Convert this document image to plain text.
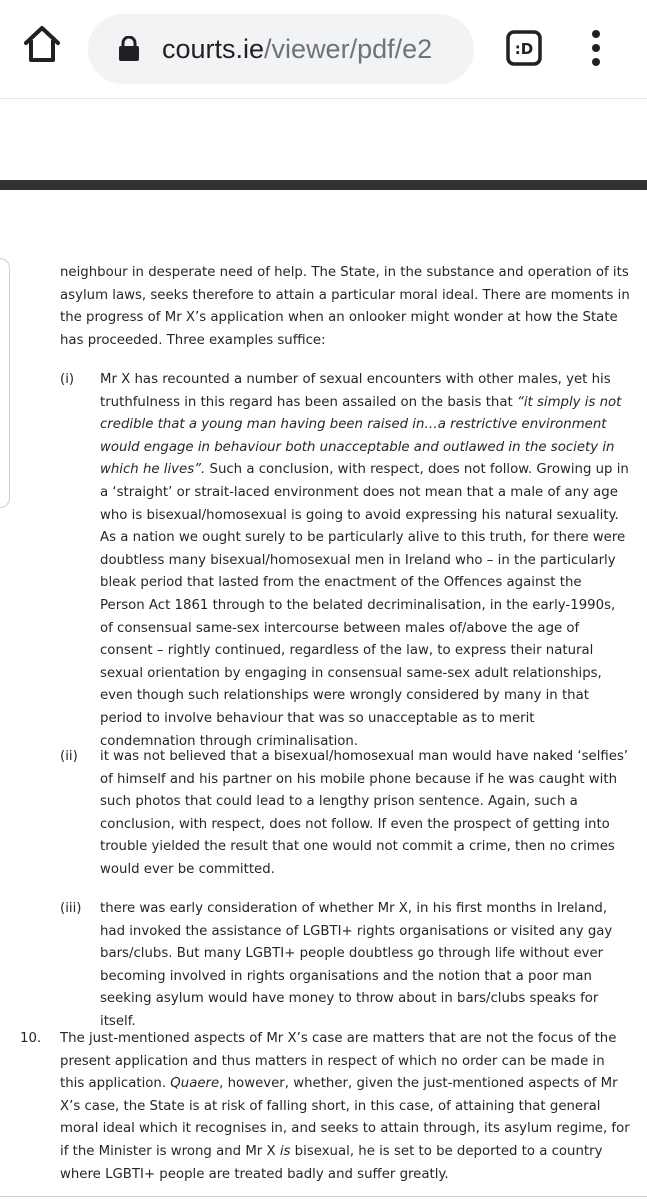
courts.ie/viewer/pdf/e2	:D

neighbour in desperate need of help. The State, in the substance and operation of its asylum laws, seeks therefore to attain a particular moral ideal. There are moments in the progress of Mr X’s application when an onlooker might wonder at how the State has proceeded. Three examples suffice:

(i) Mr X has recounted a number of sexual encounters with other males, yet his truthfulness in this regard has been assailed on the basis that “it simply is not credible that a young man having been raised in…a restrictive environment would engage in behaviour both unacceptable and outlawed in the society in which he lives”. Such a conclusion, with respect, does not follow. Growing up in a ‘straight’ or strait-laced environment does not mean that a male of any age who is bisexual/homosexual is going to avoid expressing his natural sexuality. As a nation we ought surely to be particularly alive to this truth, for there were doubtless many bisexual/homosexual men in Ireland who – in the particularly bleak period that lasted from the enactment of the Offences against the Person Act 1861 through to the belated decriminalisation, in the early-1990s, of consensual same-sex intercourse between males of/above the age of consent – rightly continued, regardless of the law, to express their natural sexual orientation by engaging in consensual same-sex adult relationships, even though such relationships were wrongly considered by many in that period to involve behaviour that was so unacceptable as to merit condemnation through criminalisation.

(ii) it was not believed that a bisexual/homosexual man would have naked ‘selfies’ of himself and his partner on his mobile phone because if he was caught with such photos that could lead to a lengthy prison sentence. Again, such a conclusion, with respect, does not follow. If even the prospect of getting into trouble yielded the result that one would not commit a crime, then no crimes would ever be committed.

(iii) there was early consideration of whether Mr X, in his first months in Ireland, had invoked the assistance of LGBTI+ rights organisations or visited any gay bars/clubs. But many LGBTI+ people doubtless go through life without ever becoming involved in rights organisations and the notion that a poor man seeking asylum would have money to throw about in bars/clubs speaks for itself.

10. The just-mentioned aspects of Mr X’s case are matters that are not the focus of the present application and thus matters in respect of which no order can be made in this application. Quaere, however, whether, given the just-mentioned aspects of Mr X’s case, the State is at risk of falling short, in this case, of attaining that general moral ideal which it recognises in, and seeks to attain through, its asylum regime, for if the Minister is wrong and Mr X is bisexual, he is set to be deported to a country where LGBTI+ people are treated badly and suffer greatly.
